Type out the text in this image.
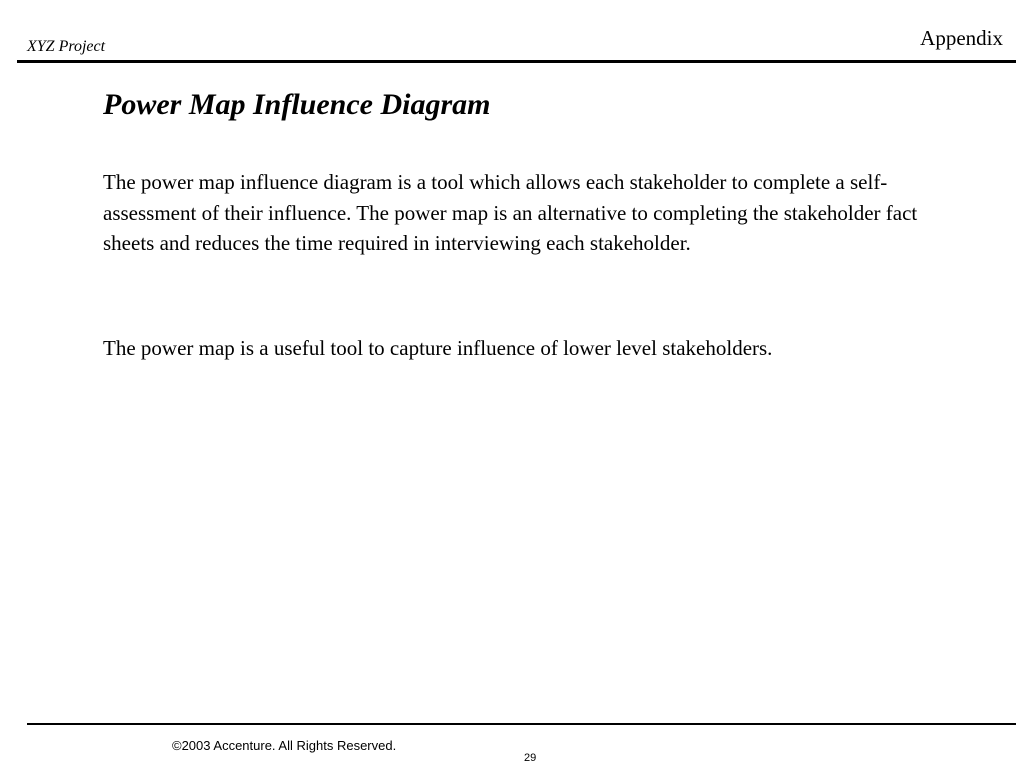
XYZ Project	Appendix
Power Map Influence Diagram

The power map influence diagram is a tool which allows each stakeholder to complete a self-assessment of their influence. The power map is an alternative to completing the stakeholder fact sheets and reduces the time required in interviewing each stakeholder.

The power map is a useful tool to capture influence of lower level stakeholders.

©2003 Accenture. All Rights Reserved.
29
